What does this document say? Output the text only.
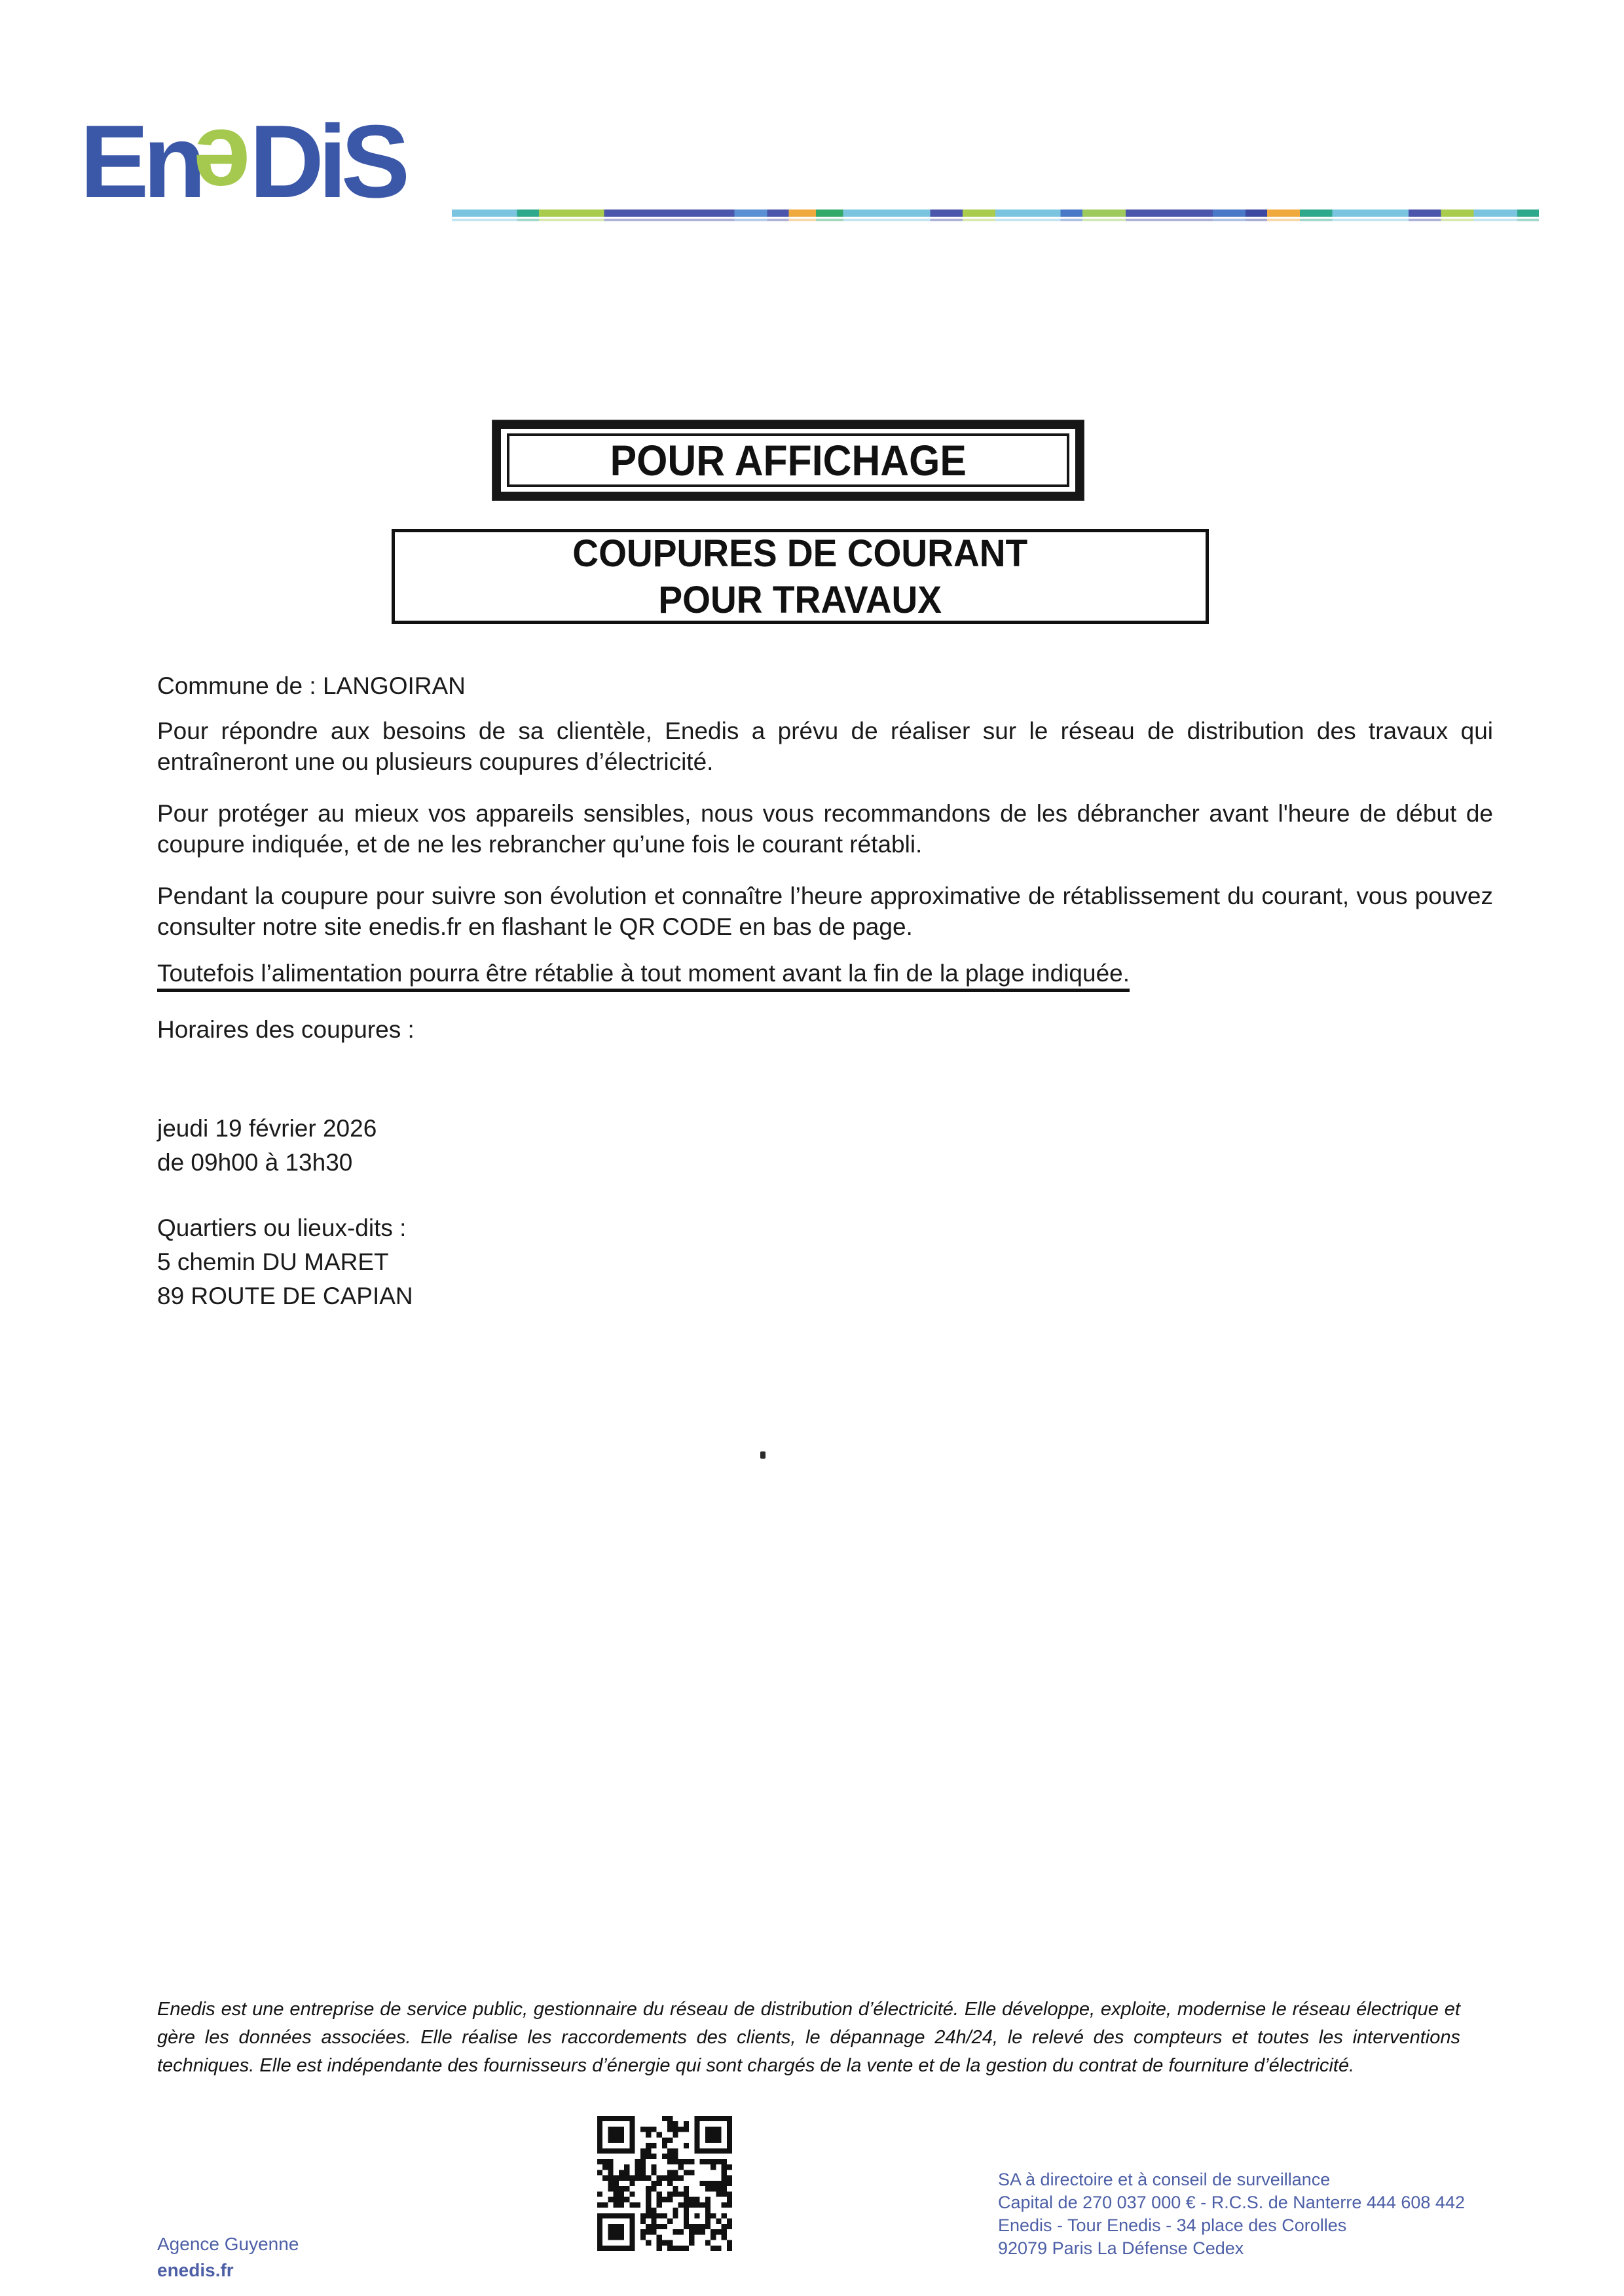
EneDiS
POUR AFFICHAGE
COUPURES DE COURANT
POUR TRAVAUX
Commune de : LANGOIRAN
Pour répondre aux besoins de sa clientèle, Enedis a prévu de réaliser sur le réseau de distribution des travaux qui entraîneront une ou plusieurs coupures d’électricité.
Pour protéger au mieux vos appareils sensibles, nous vous recommandons de les débrancher avant l'heure de début de coupure indiquée, et de ne les rebrancher qu’une fois le courant rétabli.
Pendant la coupure pour suivre son évolution et connaître l’heure approximative de rétablissement du courant, vous pouvez consulter notre site enedis.fr en flashant le QR CODE en bas de page.
Toutefois l’alimentation pourra être rétablie à tout moment avant la fin de la plage indiquée.
Horaires des coupures :
jeudi 19 février 2026
de 09h00 à 13h30
Quartiers ou lieux-dits :
5 chemin DU MARET
89 ROUTE DE CAPIAN
Enedis est une entreprise de service public, gestionnaire du réseau de distribution d’électricité. Elle développe, exploite, modernise le réseau électrique et gère les données associées. Elle réalise les raccordements des clients, le dépannage 24h/24, le relevé des compteurs et toutes les interventions techniques. Elle est indépendante des fournisseurs d’énergie qui sont chargés de la vente et de la gestion du contrat de fourniture d’électricité.
Agence Guyenne
enedis.fr
SA à directoire et à conseil de surveillance
Capital de 270 037 000 € - R.C.S. de Nanterre 444 608 442
Enedis - Tour Enedis - 34 place des Corolles
92079 Paris La Défense Cedex
